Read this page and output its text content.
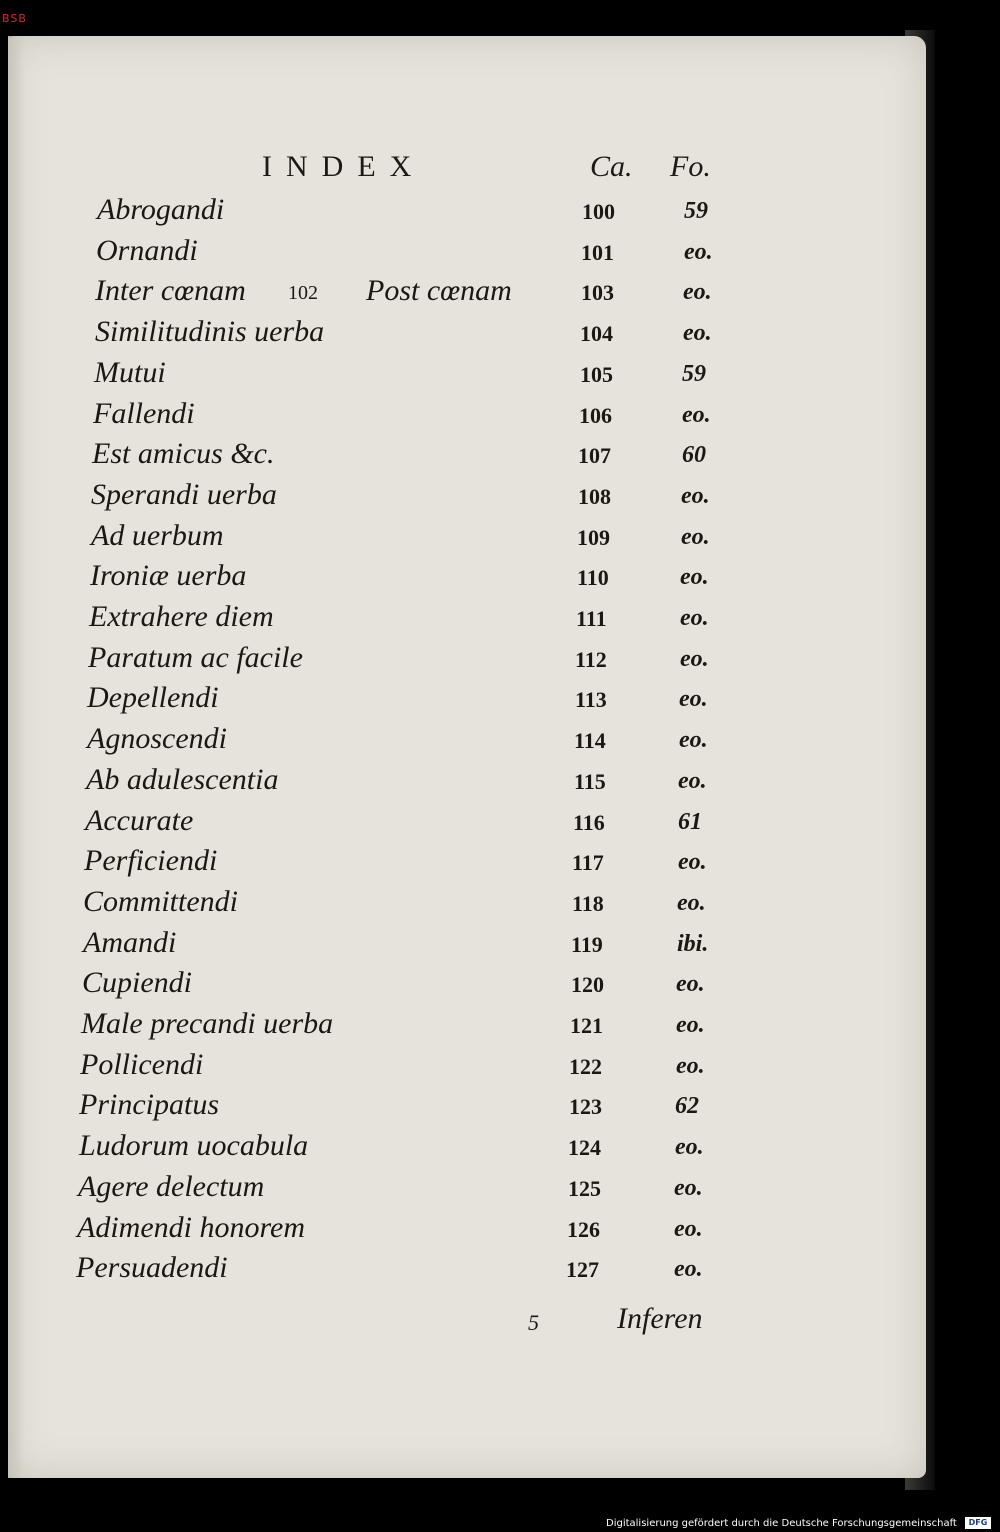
BSB
INDEX	Ca. Fo.
Abrogandi	100	59
Ornandi	101	eo.
Inter cœnam 102 Post cœnam	103	eo.
Similitudinis uerba	104	eo.
Mutui	105	59
Fallendi	106	eo.
Est amicus &c.	107	60
Sperandi uerba	108	eo.
Ad uerbum	109	eo.
Ironiæ uerba	110	eo.
Extrahere diem	111	eo.
Paratum ac facile	112	eo.
Depellendi	113	eo.
Agnoscendi	114	eo.
Ab adulescentia	115	eo.
Accurate	116	61
Perficiendi	117	eo.
Committendi	118	eo.
Amandi	119	ibi.
Cupiendi	120	eo.
Male precandi uerba	121	eo.
Pollicendi	122	eo.
Principatus	123	62
Ludorum uocabula	124	eo.
Agere delectum	125	eo.
Adimendi honorem	126	eo.
Persuadendi	127	eo.
5	Inferen
Digitalisierung gefördert durch die Deutsche Forschungsgemeinschaft	DFG
